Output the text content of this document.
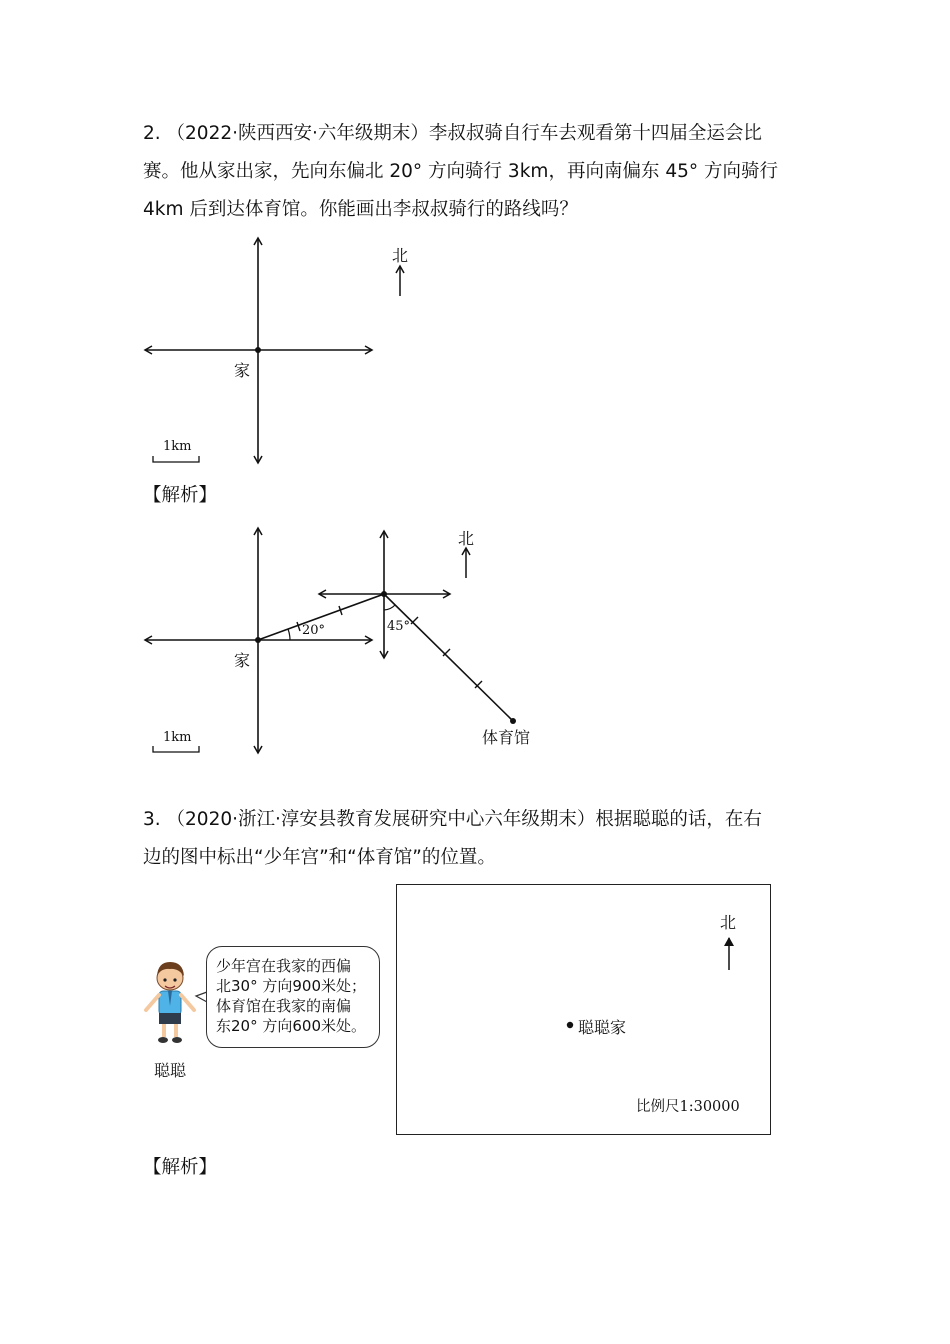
2. （2022·陕西西安·六年级期末）李叔叔骑自行车去观看第十四届全运会比
赛。他从家出家，先向东偏北 20° 方向骑行 3km，再向南偏东 45° 方向骑行
4km 后到达体育馆。你能画出李叔叔骑行的路线吗？
北
家
1km
【解析】
北
20°	45°
家
1km	体育馆
3. （2020·浙江·淳安县教育发展研究中心六年级期末）根据聪聪的话，在右
边的图中标出“少年宫”和“体育馆”的位置。
少年宫在我家的西偏
北30° 方向900米处；
体育馆在我家的南偏
东20° 方向600米处。
聪聪
北
聪聪家
比例尺1:30000
【解析】
